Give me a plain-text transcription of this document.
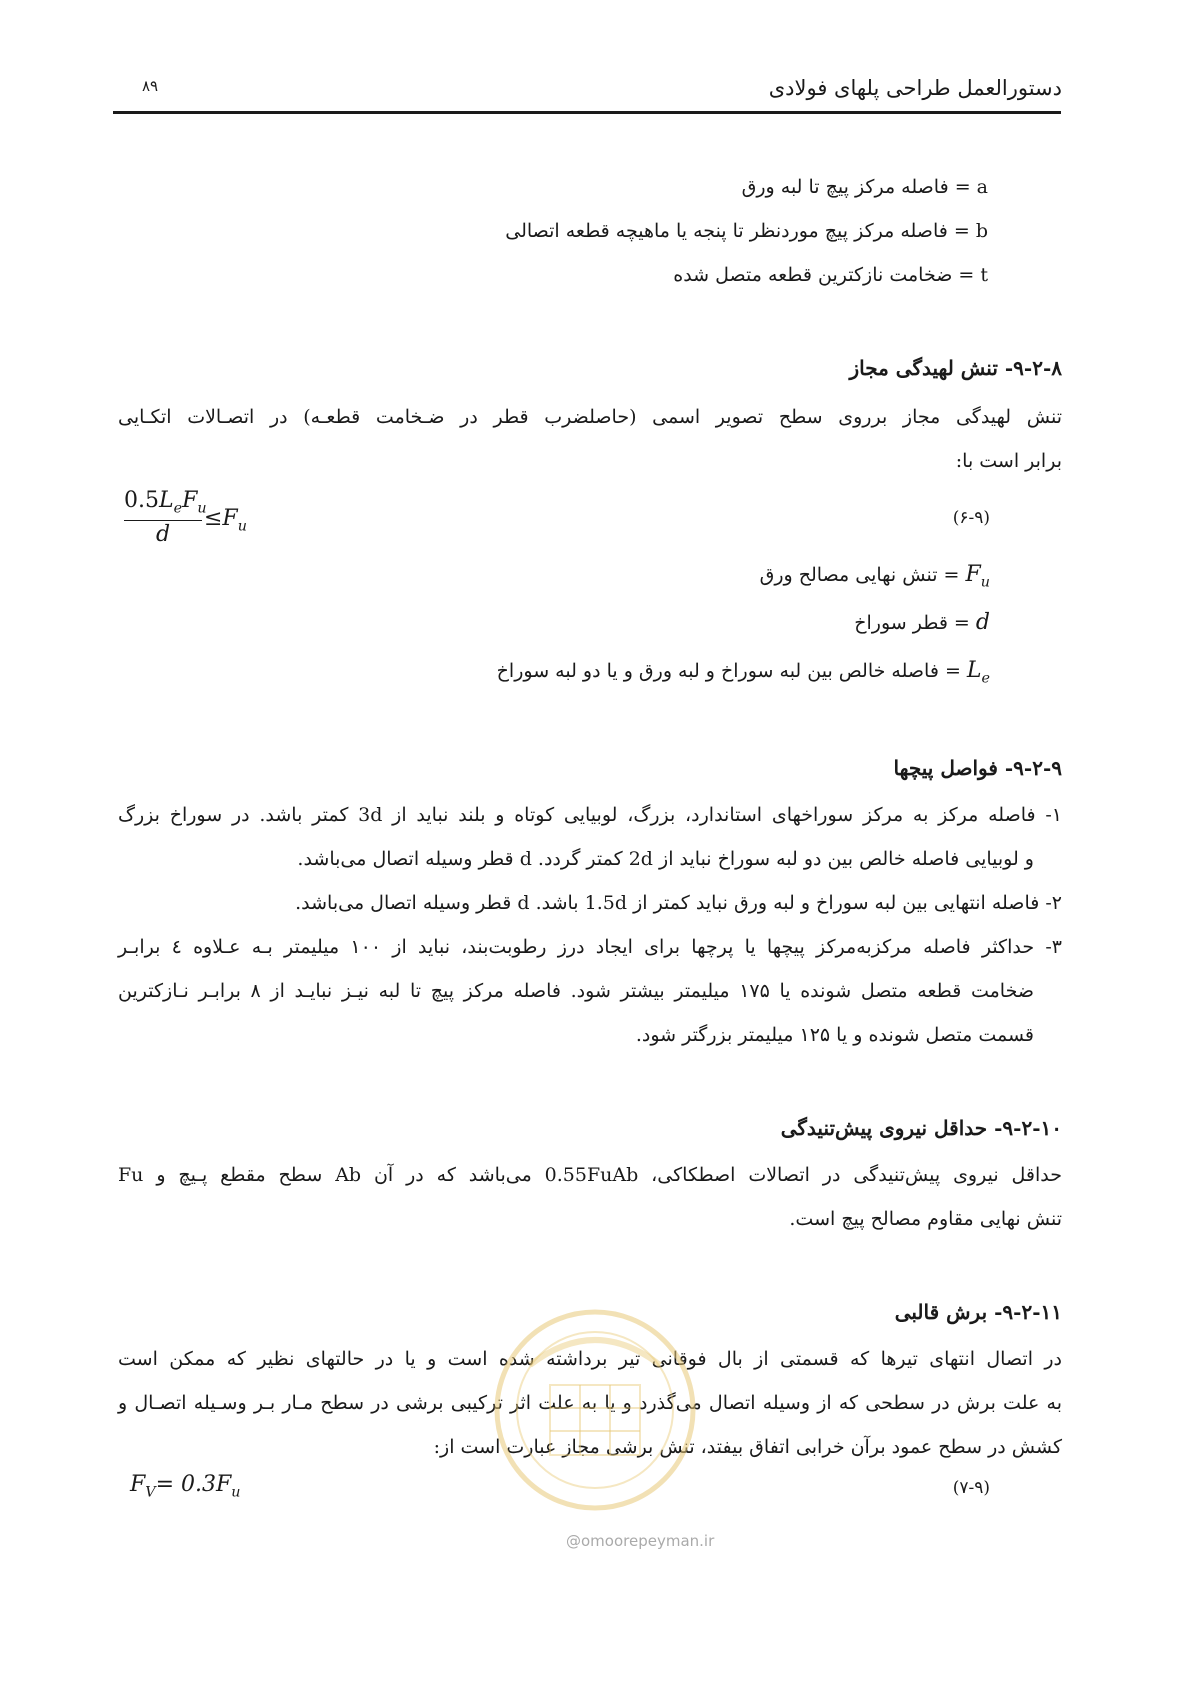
دستورالعمل طراحی پلهای فولادی
۸۹
a = فاصله مرکز پیچ تا لبه ورق
b = فاصله مرکز پیچ موردنظر تا پنجه یا ماهیچه قطعه اتصالی
t = ضخامت نازکترین قطعه متصل شده
۹-۲-۸- تنش لهیدگی مجاز
تنش لهیدگی مجاز برروی سطح تصویر اسمی (حاصلضرب قطر در ضـخامت قطعـه) در اتصـالات اتکـایی
برابر است با:
$0.5L_eF_u$
d
$\le F_u$	(۶-۹)
$F_u$ = تنش نهایی مصالح ورق
d = قطر سوراخ
$L_e$ = فاصله خالص بین لبه سوراخ و لبه ورق و یا دو لبه سوراخ
۹-۲-۹- فواصل پیچها
۱- فاصله مرکز به مرکز سوراخهای استاندارد، بزرگ، لوبیایی کوتاه و بلند نباید از 3d کمتر باشد. در سوراخ بزرگ
و لوبیایی فاصله خالص بین دو لبه سوراخ نباید از 2d کمتر گردد. d قطر وسیله اتصال می‌باشد.
۲- فاصله انتهایی بین لبه سوراخ و لبه ورق نباید کمتر از 1.5d باشد. d قطر وسیله اتصال می‌باشد.
۳- حداکثر فاصله مرکزبه‌مرکز پیچها یا پرچها برای ایجاد درز رطوبت‌بند، نباید از ۱۰۰ میلیمتر بـه عـلاوه ٤ برابـر
ضخامت قطعه متصل شونده یا ۱۷۵ میلیمتر بیشتر شود. فاصله مرکز پیچ تا لبه نیـز نبایـد از ۸ برابـر نـازکترین
قسمت متصل شونده و یا ۱۲۵ میلیمتر بزرگتر شود.
۹-۲-۱۰- حداقل نیروی پیش‌تنیدگی
حداقل نیروی پیش‌تنیدگی در اتصالات اصطکاکی، 0.55FuAb می‌باشد که در آن Ab سطح مقطع پـیچ و Fu
تنش نهایی مقاوم مصالح پیچ است.
۹-۲-۱۱- برش قالبی
در اتصال انتهای تیرها که قسمتی از بال فوقانی تیر برداشته شده است و یا در حالتهای نظیر که ممکن است
به علت برش در سطحی که از وسیله اتصال می‌گذرد و یا به علت اثر ترکیبی برشی در سطح مـار بـر وسـیله اتصـال و
کشش در سطح عمود برآن خرابی اتفاق بیفتد، تنش برشی مجاز عبارت است از:
$F_V= 0.3F_u$	(۷-۹)
@omoorepeyman.ir
